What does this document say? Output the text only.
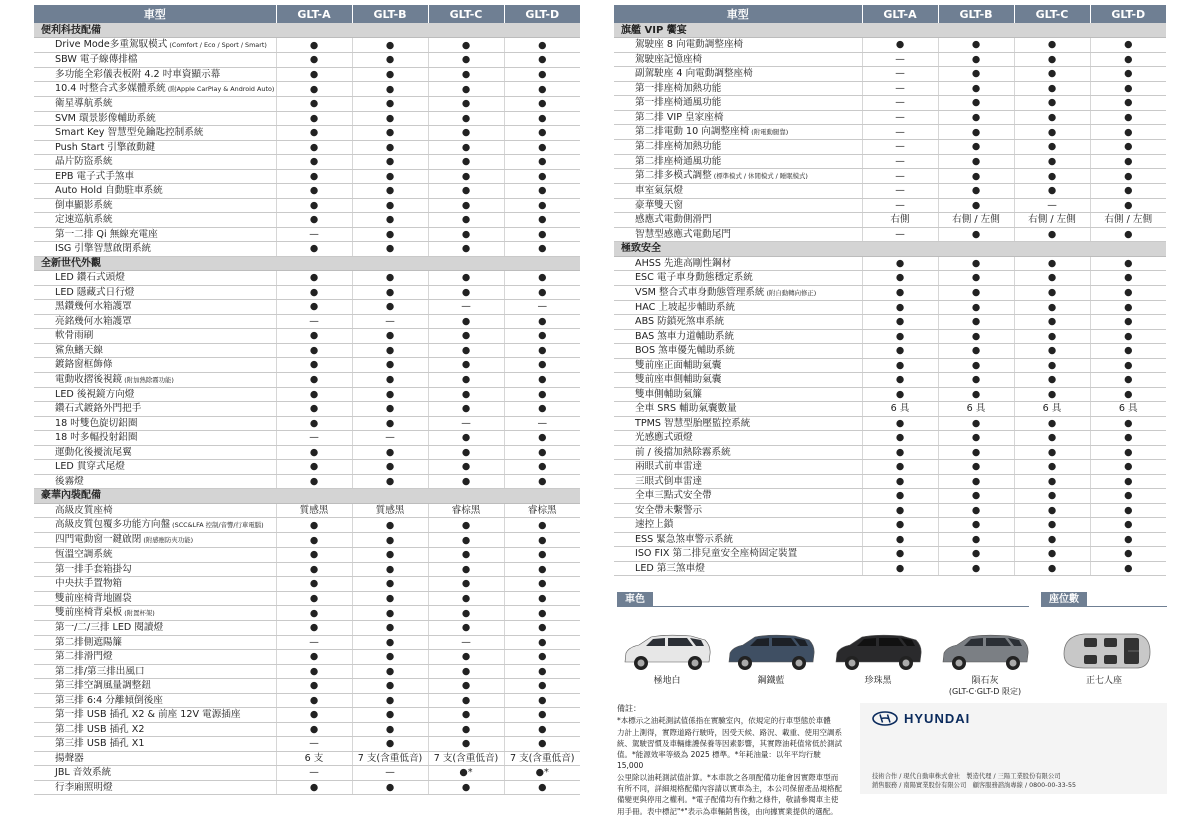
車型	GLT-A	GLT-B	GLT-C	GLT-D
便利科技配備				
Drive Mode多重駕馭模式 (Comfort / Eco / Sport / Smart)	●	●	●	●
SBW 電子線傳排檔	●	●	●	●
多功能全彩儀表板附 4.2 吋車資顯示幕	●	●	●	●
10.4 吋整合式多媒體系統 (附Apple CarPlay & Android Auto)	●	●	●	●
衛星導航系統	●	●	●	●
SVM 環景影像輔助系統	●	●	●	●
Smart Key 智慧型免鑰匙控制系統	●	●	●	●
Push Start 引擎啟動鍵	●	●	●	●
晶片防盜系統	●	●	●	●
EPB 電子式手煞車	●	●	●	●
Auto Hold 自動駐車系統	●	●	●	●
倒車顯影系統	●	●	●	●
定速巡航系統	●	●	●	●
第一二排 Qi 無線充電座	—	●	●	●
ISG 引擎智慧啟閉系統	●	●	●	●
全新世代外觀				
LED 鑽石式頭燈	●	●	●	●
LED 隱藏式日行燈	●	●	●	●
黑鑽幾何水箱護罩	●	●	—	—
亮銘幾何水箱護罩	—	—	●	●
軟骨雨刷	●	●	●	●
鯊魚鰭天線	●	●	●	●
鍍鉻窗框飾條	●	●	●	●
電動收摺後視鏡 (附加熱除霧功能)	●	●	●	●
LED 後視鏡方向燈	●	●	●	●
鑽石式鍍鉻外門把手	●	●	●	●
18 吋雙色旋切鋁圈	●	●	—	—
18 吋多輻投射鋁圈	—	—	●	●
運動化後擾流尾翼	●	●	●	●
LED 貫穿式尾燈	●	●	●	●
後霧燈	●	●	●	●
豪華內裝配備				
高級皮質座椅	質感黑	質感黑	睿棕黑	睿棕黑
高級皮質包覆多功能方向盤 (SCC&LFA 控制/音響/行車電腦)	●	●	●	●
四門電動窗一鍵啟閉 (附感應防夾功能)	●	●	●	●
恆溫空調系統	●	●	●	●
第一排手套箱掛勾	●	●	●	●
中央扶手置物箱	●	●	●	●
雙前座椅背地圖袋	●	●	●	●
雙前座椅背桌板 (附置杯架)	●	●	●	●
第一/二/三排 LED 閱讀燈	●	●	●	●
第二排側遮陽簾	—	●	—	●
第二排滑門燈	●	●	●	●
第二排/第三排出風口	●	●	●	●
第三排空調風量調整鈕	●	●	●	●
第三排 6:4 分離傾倒後座	●	●	●	●
第一排 USB 插孔 X2 & 前座 12V 電源插座	●	●	●	●
第二排 USB 插孔 X2	●	●	●	●
第三排 USB 插孔 X1	—	●	●	●
揚聲器	6 支	7 支(含重低音)	7 支(含重低音)	7 支(含重低音)
JBL 音效系統	—	—	●*	●*
行李廂照明燈	●	●	●	●
車型	GLT-A	GLT-B	GLT-C	GLT-D
旗艦 VIP 饗宴				
駕駛座 8 向電動調整座椅	●	●	●	●
駕駛座記憶座椅	—	●	●	●
副駕駛座 4 向電動調整座椅	—	●	●	●
第一排座椅加熱功能	—	●	●	●
第一排座椅通風功能	—	●	●	●
第二排 VIP 皇家座椅	—	●	●	●
第二排電動 10 向調整座椅 (附電動腿靠)	—	●	●	●
第二排座椅加熱功能	—	●	●	●
第二排座椅通風功能	—	●	●	●
第二排多模式調整 (標準模式 / 休閒模式 / 睡眠模式)	—	●	●	●
車室氣氛燈	—	●	●	●
豪華雙天窗	—	●	—	●
感應式電動側滑門	右側	右側 / 左側	右側 / 左側	右側 / 左側
智慧型感應式電動尾門	—	●	●	●
極致安全				
AHSS 先進高剛性鋼材	●	●	●	●
ESC 電子車身動態穩定系統	●	●	●	●
VSM 整合式車身動態管理系統 (附自動轉向修正)	●	●	●	●
HAC 上坡起步輔助系統	●	●	●	●
ABS 防鎖死煞車系統	●	●	●	●
BAS 煞車力道輔助系統	●	●	●	●
BOS 煞車優先輔助系統	●	●	●	●
雙前座正面輔助氣囊	●	●	●	●
雙前座車側輔助氣囊	●	●	●	●
雙車側輔助氣簾	●	●	●	●
全車 SRS 輔助氣囊數量	6 具	6 具	6 具	6 具
TPMS 智慧型胎壓監控系統	●	●	●	●
光感應式頭燈	●	●	●	●
前 / 後擋加熱除霧系統	●	●	●	●
兩眼式前車雷達	●	●	●	●
三眼式倒車雷達	●	●	●	●
全車三點式安全帶	●	●	●	●
安全帶未繫警示	●	●	●	●
速控上鎖	●	●	●	●
ESS 緊急煞車警示系統	●	●	●	●
ISO FIX 第二排兒童安全座椅固定裝置	●	●	●	●
LED 第三煞車燈	●	●	●	●
車色	座位數
極地白	鋼鐵藍	珍珠黑	隕石灰
(GLT-C‧GLT-D 限定)
正七人座
備註：
*本標示之油耗測試值係指在實驗室內，依規定的行車型態於車體
力計上測得，實際道路行駛時，因受天候、路況、載重、使用空調系
統、駕駛習慣及車輛維護保養等因素影響，其實際油耗值常低於測試
值。*能源效率等級為 2025 標準。*年耗油量：以年平均行駛 15,000
公里除以油耗測試值計算。*本車款之各項配備功能會因實際車型而
有所不同，詳細規格配備內容請以實車為主，本公司保留產品規格配
備變更與停用之權利。*電子配備均有作動之條件，敬請參閱車主使
用手冊。表中標記"*"表示為車輛銷售後，由向據實業提供的選配。
HYUNDAI
技術合作 / 現代自動車株式會社　製造代理 / 三陽工業股份有限公司
銷售服務 / 南陽實業股份有限公司　顧客服務諮詢專線 / 0800-00-33-55
